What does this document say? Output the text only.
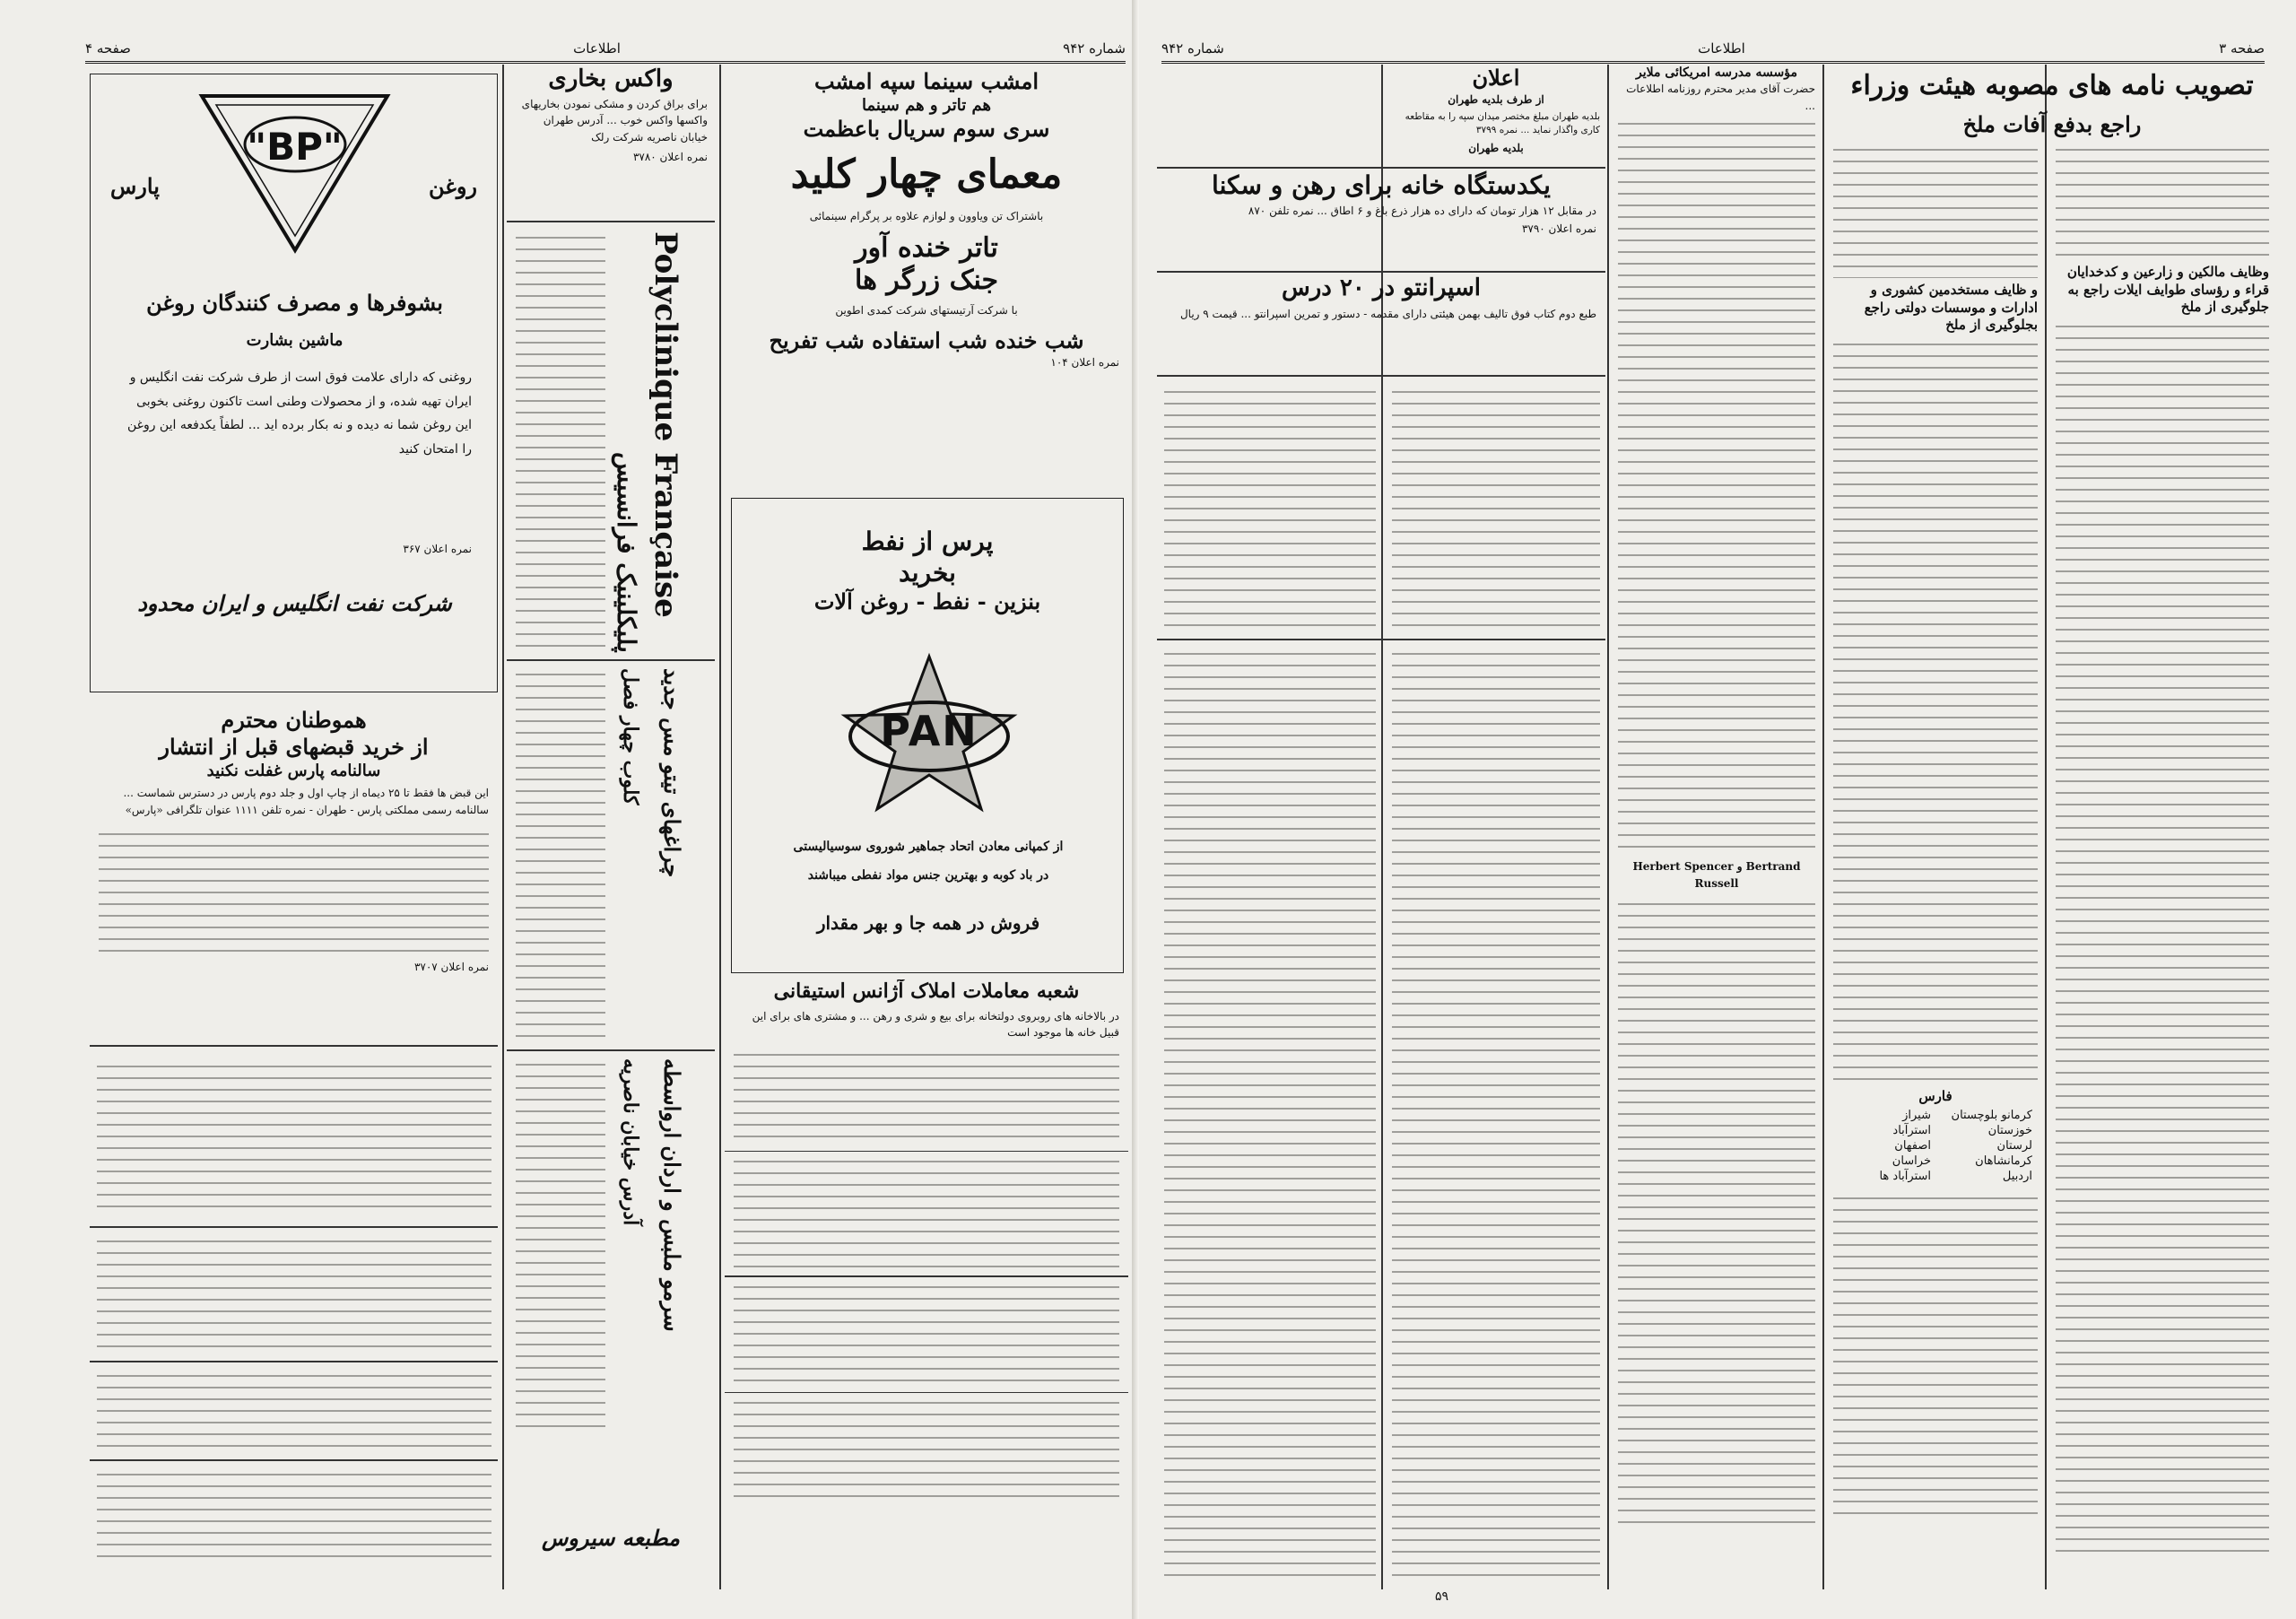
شماره ۹۴۲
اطلاعات
صفحه ۴
"BP"
پارس	روغن
بشوفرها و مصرف کنندگان روغن
ماشین بشارت
روغنی که دارای علامت فوق است از طرف شرکت نفت انگلیس و ایران تهیه شده، و از محصولات وطنی است تاکنون روغنی بخوبی این روغن شما نه دیده و نه بکار برده اید ... لطفاً یکدفعه این روغن را امتحان کنید
نمره اعلان ۳۶۷
شرکت نفت انگلیس و ایران محدود
هموطنان محترم
از خرید قبضهای قبل از انتشار
سالنامه پارس غفلت نکنید
این قبض ها فقط تا ۲۵ دیماه از چاپ اول و جلد دوم پارس در دسترس شماست ... سالنامه رسمی مملکتی پارس - طهران - نمره تلفن ۱۱۱۱ عنوان تلگرافی «پارس»
نمره اعلان ۳۷۰۷
واکس بخاری
برای براق کردن و مشکی نمودن بخاریهای واکسها واکس خوب ... آدرس طهران خیابان ناصریه شرکت رلک
نمره اعلان ۳۷۸۰
Polyclinique Française
پلیکلینیک فرانسیس
چراغهای تیتو مس جدید
کلوب چهار فصل
سرمو ملبس و اردان ارواسطه
آدرس خیابان ناصریه
مطبعه سیروس
امشب سینما سپه امشب
هم تاتر و هم سینما
سری سوم سریال باعظمت
معمای چهار کلید
باشتراک تن ویاوون و لوازم علاوه بر پرگرام سینمائی
تاتر خنده آور
جنک زرگر ها
با شرکت آرتیستهای شرکت کمدی اطوین
شب خنده شب استفاده شب تفریح
نمره اعلان ۱۰۴
پرس از نفط
بخرید
بنزین - نفط - روغن آلات
PAN
از کمپانی معادن اتحاد جماهیر شوروی سوسیالیستی
در باد کوبه و بهترین جنس مواد نفطی میباشند
فروش در همه جا و بهر مقدار
شعبه معاملات املاک آژانس استیقانی
در بالاخانه های روبروی دولتخانه برای بیع و شری و رهن ... و مشتری های برای این قبیل خانه ها موجود است
صفحه ۳
اطلاعات
شماره ۹۴۲
تصویب نامه های مصوبه هیئت وزراء
راجع بدفع آفات ملخ
وظایف مالکین و زارعین و کدخدایان قراء و رؤسای طوایف ایلات راجع به جلوگیری از ملخ
و ظایف مستخدمین کشوری و ادارات و موسسات دولتی راجع بجلوگیری از ملخ
فارس
کرمانو بلوچستان
شیراز
خوزستان
استرآباد
لرستان
اصفهان
کرمانشاهان
خراسان
اردبیل
استرآباد ها
مؤسسه مدرسه امریکائی ملایر
حضرت آقای مدیر محترم روزنامه اطلاعات ...
Herbert Spencer و Bertrand Russell
اعلان
از طرف بلدیه طهران
بلدیه طهران مبلغ مختصر میدان سپه را به مقاطعه کاری واگذار نماید ... نمره ۳۷۹۹
بلدیه طهران
یکدستگاه خانه برای رهن و سکنا
در مقابل ۱۲ هزار تومان که دارای ده هزار ذرع باغ و ۶ اطاق ... نمره تلفن ۸۷۰
نمره اعلان ۳۷۹۰
اسپرانتو در ۲۰ درس
طبع دوم کتاب فوق تالیف بهمن هیئتی دارای مقدمه - دستور و تمرین اسپرانتو ... قیمت ۹ ریال
۵۹
